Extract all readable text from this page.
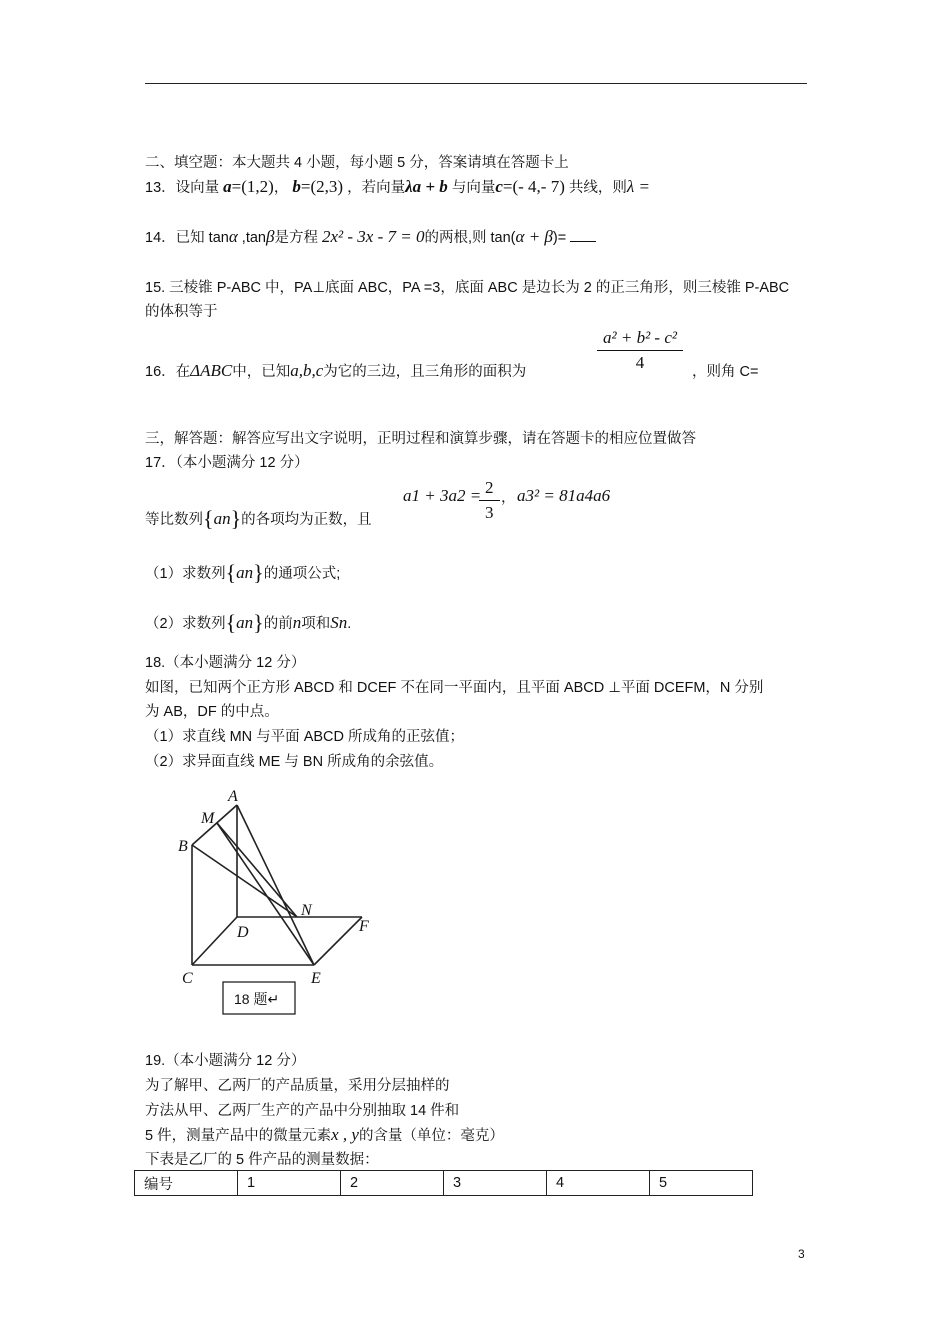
二、填空题：本大题共 4 小题，每小题 5 分，答案请填在答题卡上
13．设向量 a=(1,2)， b=(2,3) ，若向量λa + b 与向量c=(- 4,- 7) 共线，则λ =
14．已知 tanα ,tanβ是方程 2x² - 3x - 7 = 0的两根,则 tan(α + β)=
15. 三棱锥 P-ABC 中，PA⊥底面 ABC，PA =3，底面 ABC 是边长为 2 的正三角形，则三棱锥 P-ABC
的体积等于
16．在ΔABC中，已知a,b,c为它的三边，且三角形的面积为	$\frac{\text{a² + b² - c²}}{4}$ ，则角 C=
三，解答题：解答应写出文字说明，正明过程和演算步骤，请在答题卡的相应位置做答
17．（本小题满分 12 分）
等比数列{an}的各项均为正数，且
a1 + 3a2 =
$\frac{2}{3}$ ， a3² = 81a4a6
（1）求数列{an}的通项公式;
（2）求数列{an}的前n项和Sn.
18.（本小题满分 12 分）
如图，已知两个正方形 ABCD 和 DCEF 不在同一平面内，且平面 ABCD ⊥平面 DCEFM，N 分别
为 AB，DF 的中点。
（1）求直线 MN 与平面 ABCD 所成角的正弦值；
（2）求异面直线 ME 与 BN 所成角的余弦值。
A
M
B
N
D	F
C	E
18 题↵
19.（本小题满分 12 分）
为了解甲、乙两厂的产品质量，采用分层抽样的
方法从甲、乙两厂生产的产品中分别抽取 14 件和
5 件，测量产品中的微量元素x , y的含量（单位：毫克）
下表是乙厂的 5 件产品的测量数据：
编号	1	2	3	4	5
3
